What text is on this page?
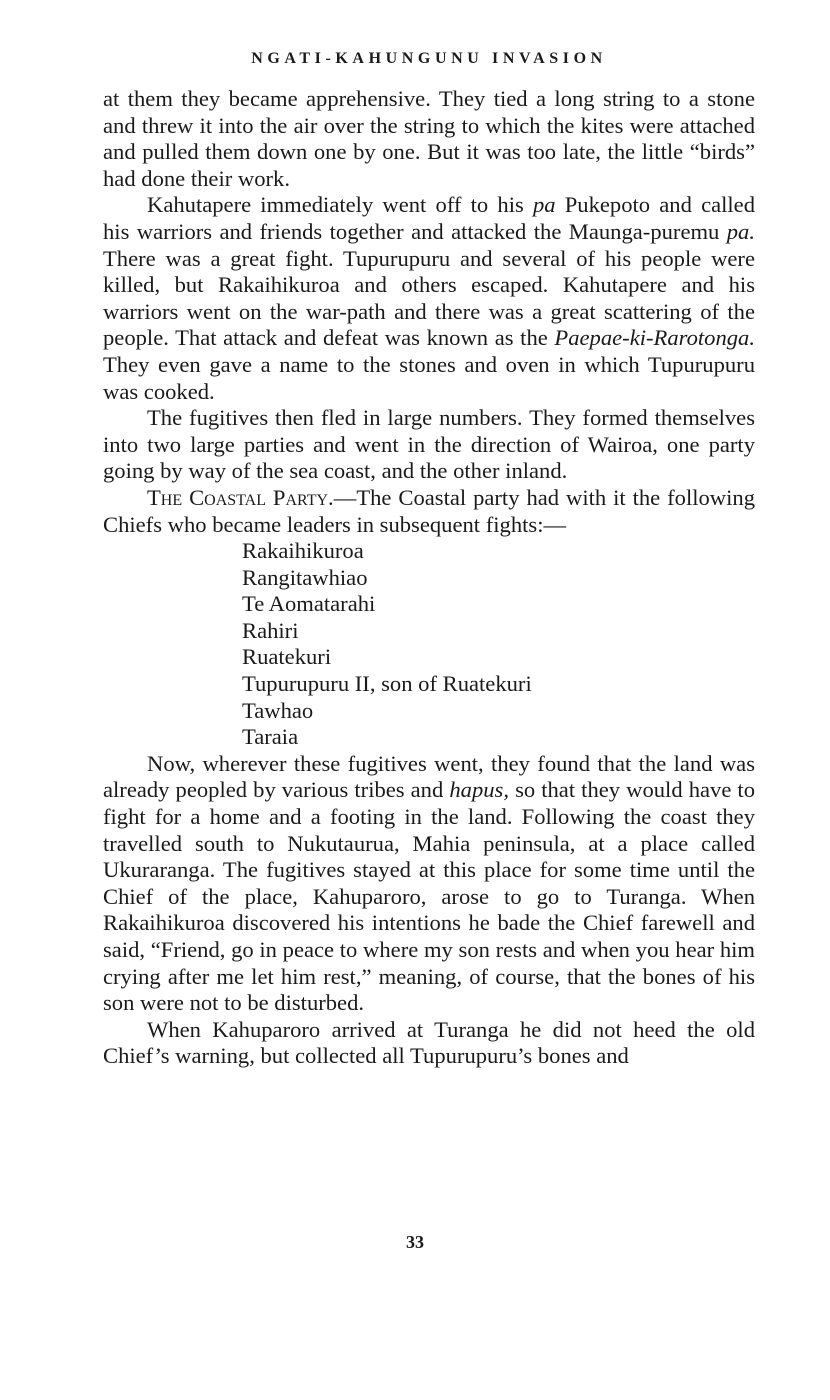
NGATI-KAHUNGUNU INVASION

at them they became apprehensive. They tied a long string to a stone and threw it into the air over the string to which the kites were attached and pulled them down one by one. But it was too late, the little “birds” had done their work.

Kahutapere immediately went off to his pa Pukepoto and called his warriors and friends together and attacked the Maunga-puremu pa. There was a great fight. Tupurupuru and several of his people were killed, but Rakaihikuroa and others escaped. Kahutapere and his warriors went on the war-path and there was a great scattering of the people. That attack and defeat was known as the Paepae-ki-Rarotonga. They even gave a name to the stones and oven in which Tupurupuru was cooked.

The fugitives then fled in large numbers. They formed themselves into two large parties and went in the direction of Wairoa, one party going by way of the sea coast, and the other inland.

The Coastal Party.—The Coastal party had with it the following Chiefs who became leaders in subsequent fights:—

Rakaihikuroa
Rangitawhiao
Te Aomatarahi
Rahiri
Ruatekuri
Tupurupuru II, son of Ruatekuri
Tawhao
Taraia

Now, wherever these fugitives went, they found that the land was already peopled by various tribes and hapus, so that they would have to fight for a home and a footing in the land. Following the coast they travelled south to Nukutaurua, Mahia peninsula, at a place called Ukuraranga. The fugitives stayed at this place for some time until the Chief of the place, Kahuparoro, arose to go to Turanga. When Rakaihikuroa discovered his intentions he bade the Chief farewell and said, “Friend, go in peace to where my son rests and when you hear him crying after me let him rest,” meaning, of course, that the bones of his son were not to be disturbed.

When Kahuparoro arrived at Turanga he did not heed the old Chief’s warning, but collected all Tupurupuru’s bones and

33
